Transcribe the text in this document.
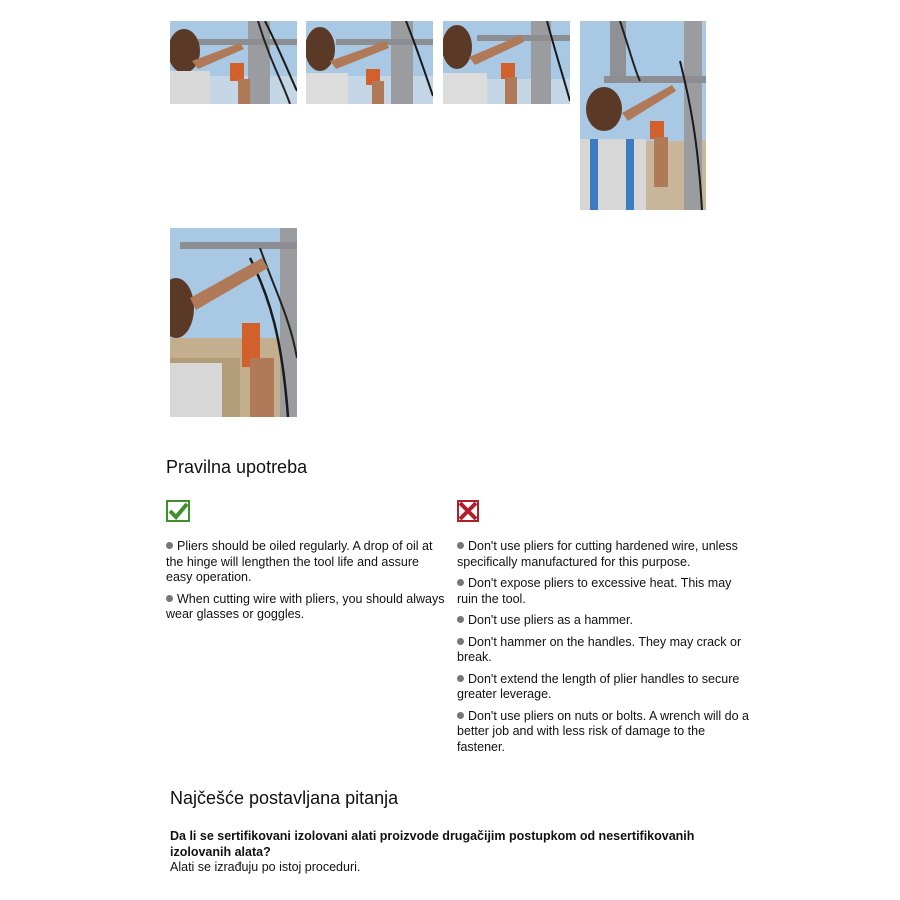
Pravilna upotreba
Pliers should be oiled regularly. A drop of oil at the hinge will lengthen the tool life and assure easy operation.
When cutting wire with pliers, you should always wear glasses or goggles.
Don't use pliers for cutting hardened wire, unless specifically manufactured for this purpose.
Don't expose pliers to excessive heat. This may ruin the tool.
Don't use pliers as a hammer.
Don't hammer on the handles. They may crack or break.
Don't extend the length of plier handles to secure greater leverage.
Don't use pliers on nuts or bolts. A wrench will do a better job and with less risk of damage to the fastener.
Najčešće postavljana pitanja

Da li se sertifikovani izolovani alati proizvode drugačijim postupkom od nesertifikovanih izolovanih alata?

Alati se izrađuju po istoj proceduri.
